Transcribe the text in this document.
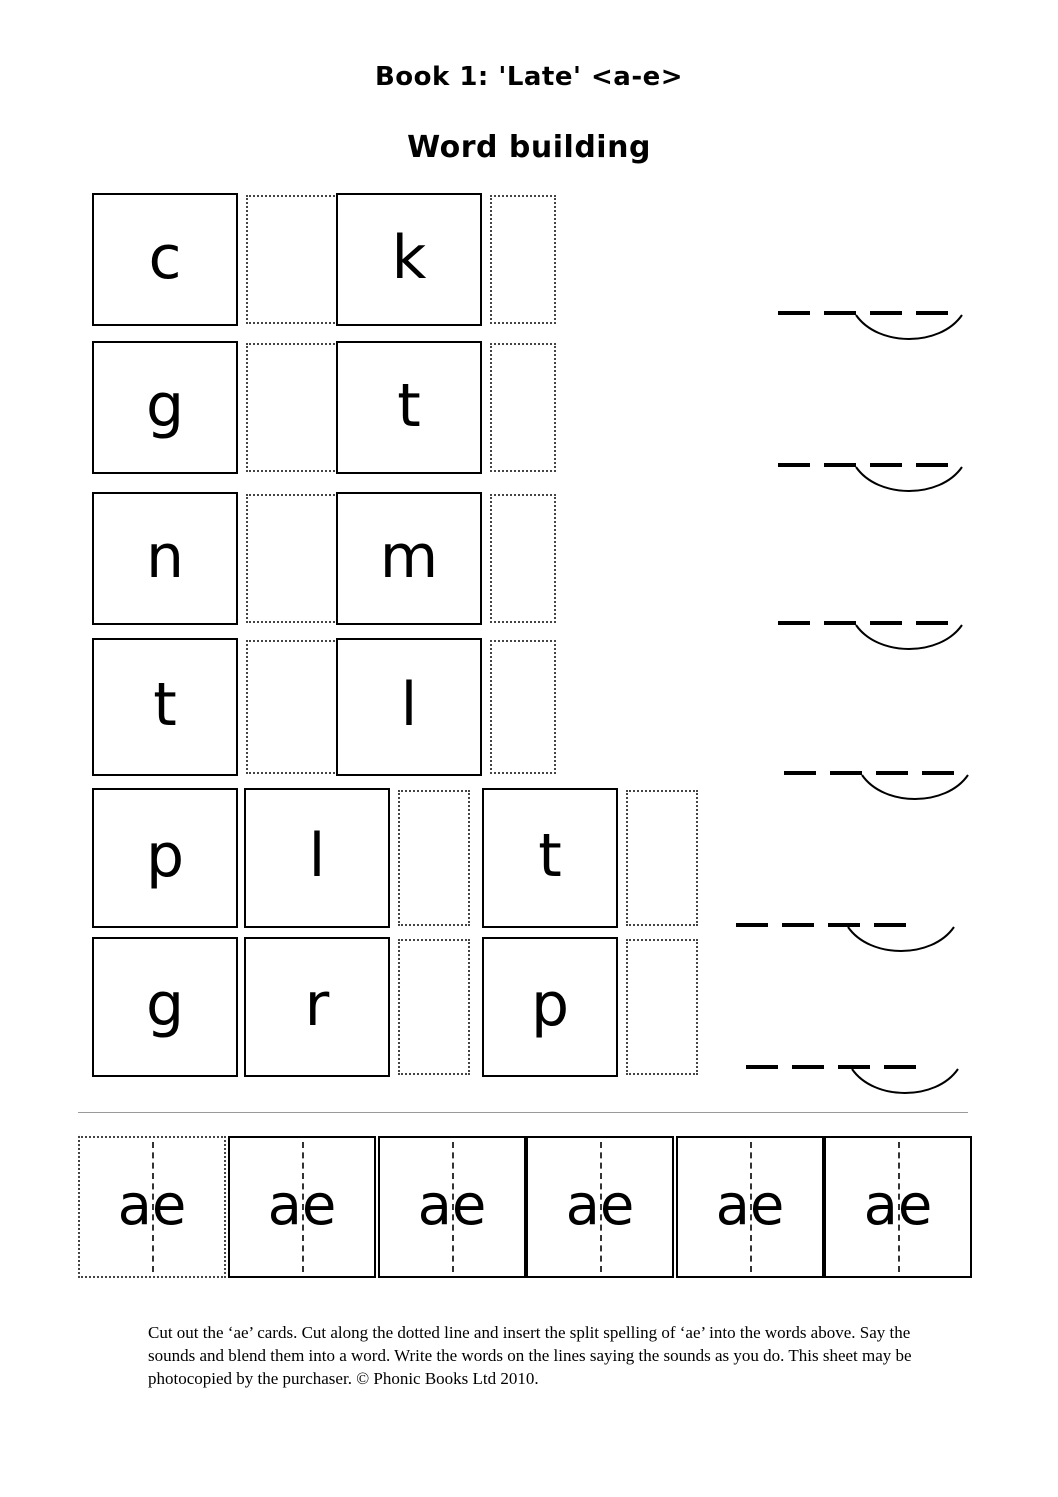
Book 1: 'Late' <a-e>
Word building
c	k
g	t
n	m
t	l
p l	t
g r	p
ae ae ae ae ae ae
Cut out the ‘ae’ cards. Cut along the dotted line and insert the split spelling of ‘ae’ into the words above. Say the sounds and blend them into a word. Write the words on the lines saying the sounds as you do. This sheet may be photocopied by the purchaser. © Phonic Books Ltd 2010.
